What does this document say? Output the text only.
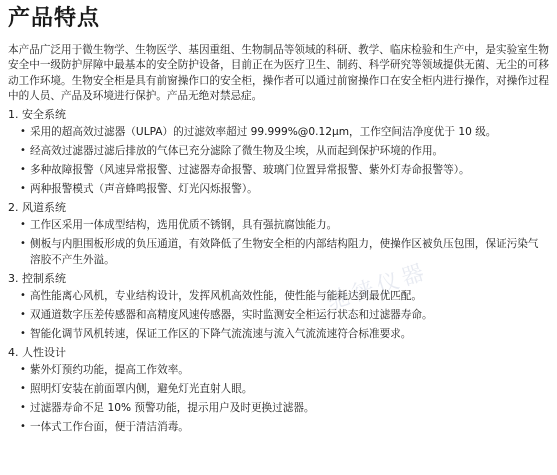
产品特点

本产品广泛用于微生物学、生物医学、基因重组、生物制品等领域的科研、教学、临床检验和生产中，是实验室生物安全中一级防护屏障中最基本的安全防护设备，目前正在为医疗卫生、制药、科学研究等领域提供无菌、无尘的可移动工作环境。生物安全柜是具有前窗操作口的安全柜，操作者可以通过前窗操作口在安全柜内进行操作，对操作过程中的人员、产品及环境进行保护。产品无绝对禁忌症。

1. 安全系统
• 采用的超高效过滤器（ULPA）的过滤效率超过 99.999%@0.12μm，工作空间洁净度优于 10 级。
• 经高效过滤器过滤后排放的气体已充分滤除了微生物及尘埃，从而起到保护环境的作用。
• 多种故障报警（风速异常报警、过滤器寿命报警、玻璃门位置异常报警、紫外灯寿命报警等）。
• 两种报警模式（声音蜂鸣报警、灯光闪烁报警）。
2. 风道系统
• 工作区采用一体成型结构，选用优质不锈钢，具有强抗腐蚀能力。
• 侧板与内胆围板形成的负压通道，有效降低了生物安全柜的内部结构阻力，使操作区被负压包围，保证污染气溶胶不产生外溢。
3. 控制系统
• 高性能离心风机，专业结构设计，发挥风机高效性能，使性能与能耗达到最优匹配。
• 双通道数字压差传感器和高精度风速传感器，实时监测安全柜运行状态和过滤器寿命。
• 智能化调节风机转速，保证工作区的下降气流流速与流入气流流速符合标准要求。
4. 人性设计
• 紫外灯预约功能，提高工作效率。
• 照明灯安装在前面罩内侧，避免灯光直射人眼。
• 过滤器寿命不足 10% 预警功能，提示用户及时更换过滤器。
• 一体式工作台面，便于清洁消毒。
驰徕仪器
